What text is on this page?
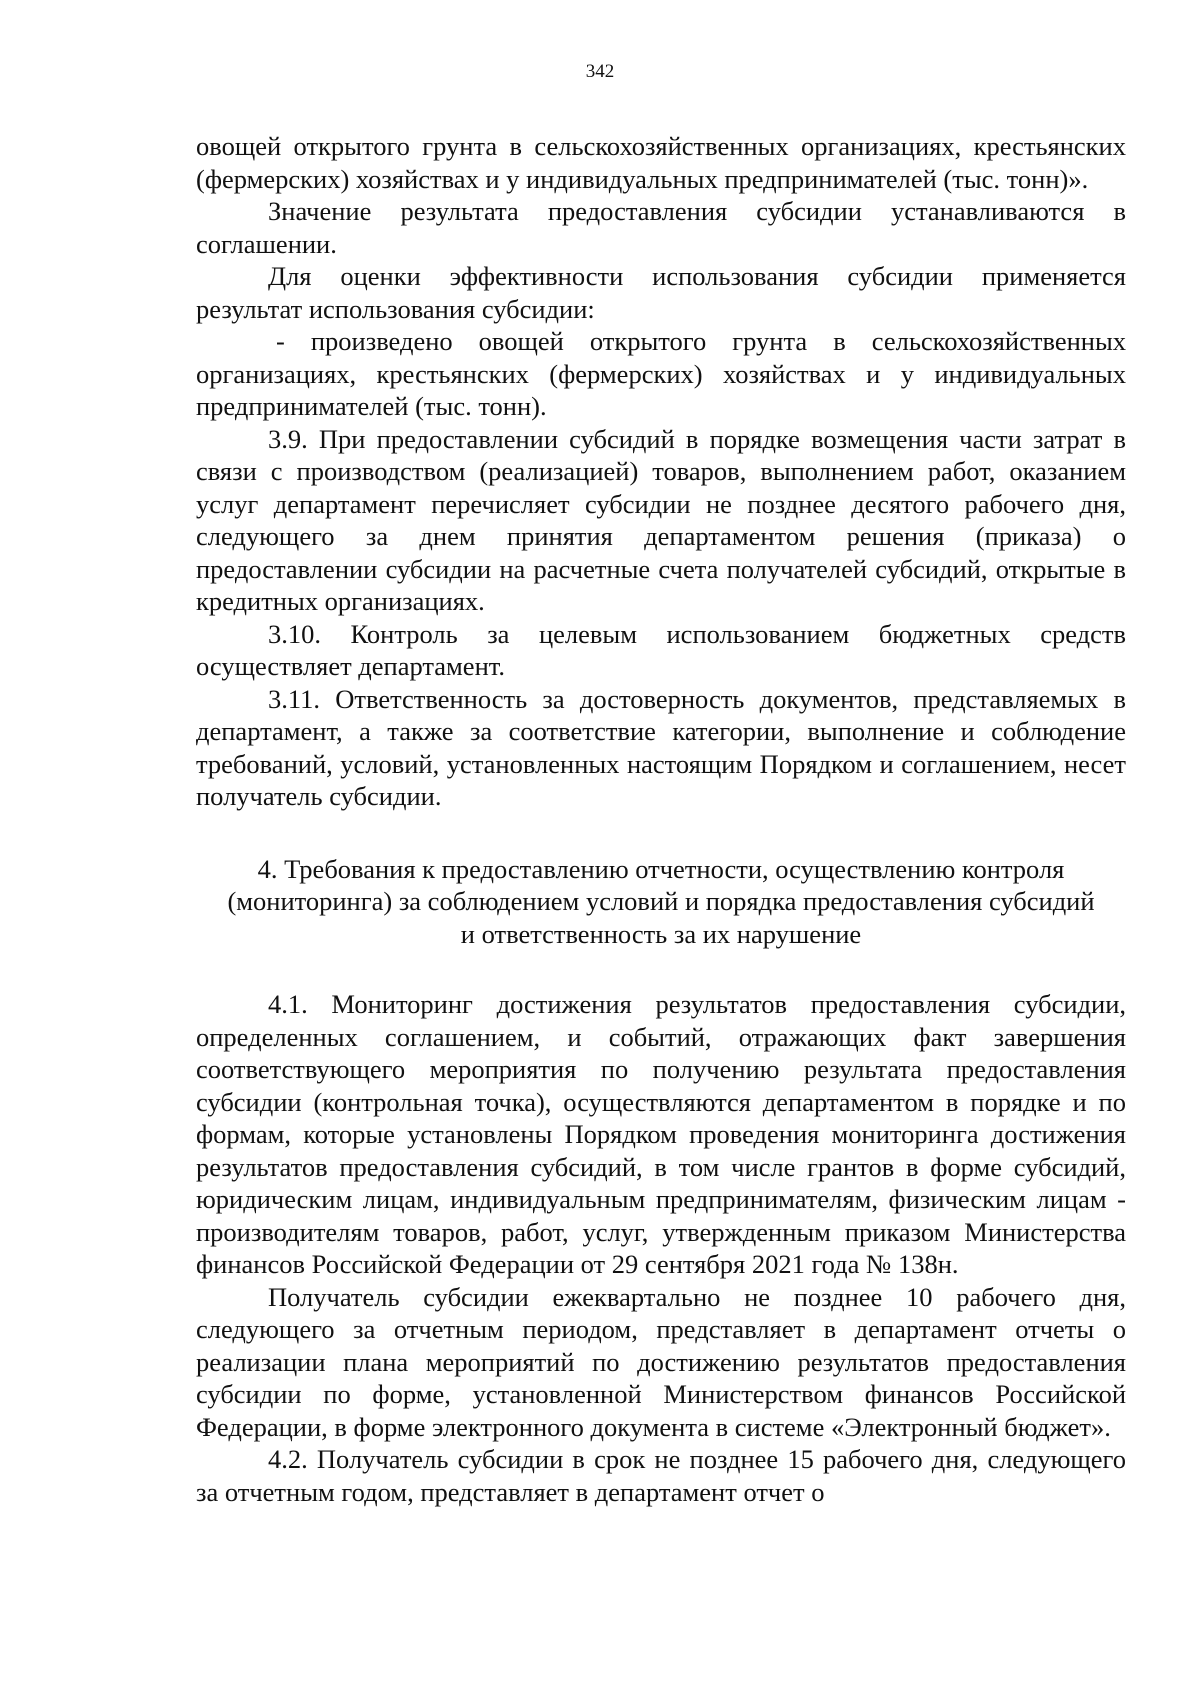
342

овощей открытого грунта в сельскохозяйственных организациях, крестьянских (фермерских) хозяйствах и у индивидуальных предпринимателей (тыс. тонн)».

Значение результата предоставления субсидии устанавливаются в соглашении.

Для оценки эффективности использования субсидии применяется результат использования субсидии:

- произведено овощей открытого грунта в сельскохозяйственных организациях, крестьянских (фермерских) хозяйствах и у индивидуальных предпринимателей (тыс. тонн).

3.9. При предоставлении субсидий в порядке возмещения части затрат в связи с производством (реализацией) товаров, выполнением работ, оказанием услуг департамент перечисляет субсидии не позднее десятого рабочего дня, следующего за днем принятия департаментом решения (приказа) о предоставлении субсидии на расчетные счета получателей субсидий, открытые в кредитных организациях.

3.10. Контроль за целевым использованием бюджетных средств осуществляет департамент.

3.11. Ответственность за достоверность документов, представляемых в департамент, а также за соответствие категории, выполнение и соблюдение требований, условий, установленных настоящим Порядком и соглашением, несет получатель субсидии.

4. Требования к предоставлению отчетности, осуществлению контроля
(мониторинга) за соблюдением условий и порядка предоставления субсидий
и ответственность за их нарушение

4.1. Мониторинг достижения результатов предоставления субсидии, определенных соглашением, и событий, отражающих факт завершения соответствующего мероприятия по получению результата предоставления субсидии (контрольная точка), осуществляются департаментом в порядке и по формам, которые установлены Порядком проведения мониторинга достижения результатов предоставления субсидий, в том числе грантов в форме субсидий, юридическим лицам, индивидуальным предпринимателям, физическим лицам - производителям товаров, работ, услуг, утвержденным приказом Министерства финансов Российской Федерации от 29 сентября 2021 года № 138н.

Получатель субсидии ежеквартально не позднее 10 рабочего дня, следующего за отчетным периодом, представляет в департамент отчеты о реализации плана мероприятий по достижению результатов предоставления субсидии по форме, установленной Министерством финансов Российской Федерации, в форме электронного документа в системе «Электронный бюджет».

4.2. Получатель субсидии в срок не позднее 15 рабочего дня, следующего за отчетным годом, представляет в департамент отчет о
